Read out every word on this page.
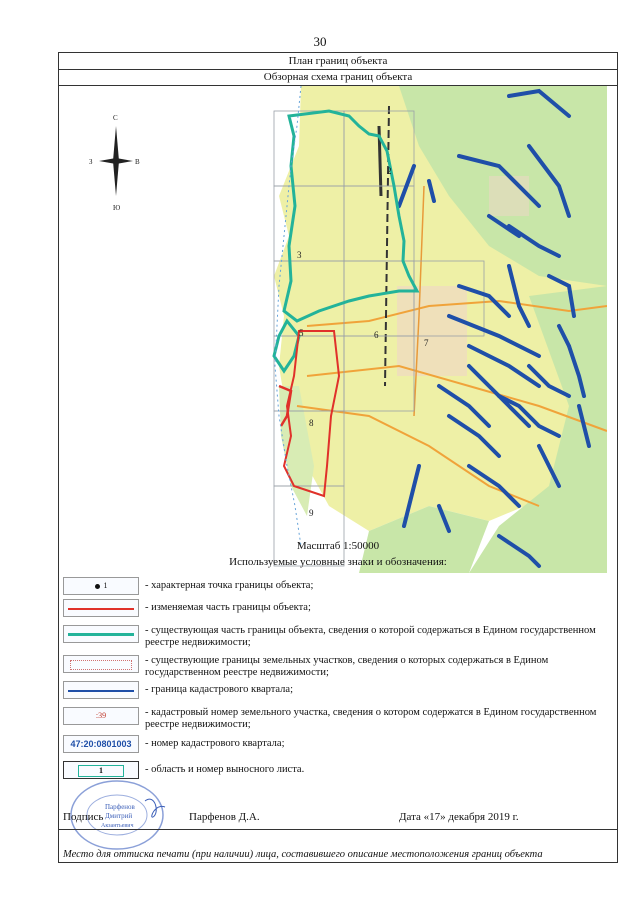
30
План границ объекта
Обзорная схема границ объекта
2
3
5	6
7
8
9
С
Ю
В
З
Масштаб 1:50000
Используемые условные знаки и обозначения:
1	- характерная точка границы объекта;
- изменяемая часть границы объекта;
- существующая часть границы объекта, сведения о которой содержаться в Едином государственном реестре недвижимости;
- существующие границы земельных участков, сведения о которых содержаться в Едином государственном реестре недвижимости;
- граница кадастрового квартала;
:39	- кадастровый номер земельного участка, сведения о котором содержатся в Едином государственном реестре недвижимости;
47:20:0801003	- номер кадастрового квартала;
1	- область и номер выносного листа.
Парфенов
Дмитрий
Акзантьевич
Подпись	Парфенов Д.А.	Дата «17» декабря 2019 г.
Место для оттиска печати (при наличии) лица, составившего описание местоположения границ объекта
